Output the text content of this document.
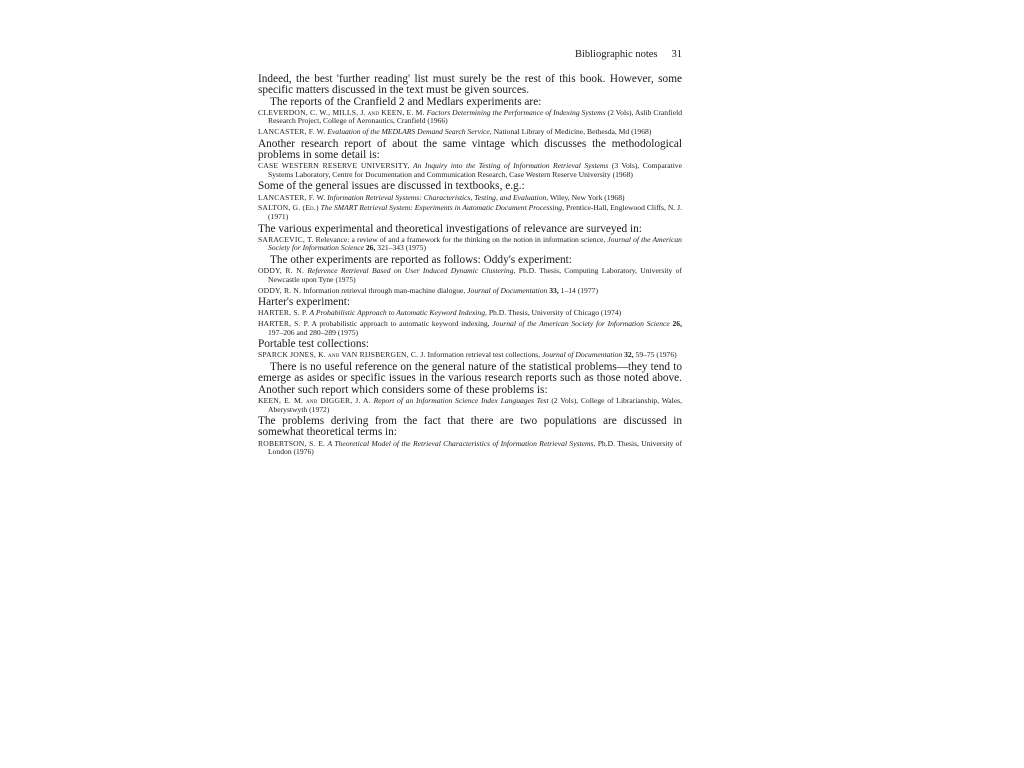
Bibliographic notes 31

Indeed, the best 'further reading' list must surely be the rest of this book. However, some specific matters discussed in the text must be given sources.

The reports of the Cranfield 2 and Medlars experiments are:

CLEVERDON, C. W., MILLS, J. and KEEN, E. M. Factors Determining the Performance of Indexing Systems (2 Vols), Aslib Cranfield Research Project, College of Aeronautics, Cranfield (1966)
LANCASTER, F. W. Evaluation of the MEDLARS Demand Search Service, National Library of Medicine, Bethesda, Md (1968)

Another research report of about the same vintage which discusses the methodological problems in some detail is:

CASE WESTERN RESERVE UNIVERSITY, An Inquiry into the Testing of Information Retrieval Systems (3 Vols), Comparative Systems Laboratory, Centre for Documentation and Communication Research, Case Western Reserve University (1968)

Some of the general issues are discussed in textbooks, e.g.:

LANCASTER, F. W. Information Retrieval Systems: Characteristics, Testing, and Evaluation, Wiley, New York (1968)
SALTON, G. (Ed.) The SMART Retrieval System: Experiments in Automatic Document Processing, Prentice-Hall, Englewood Cliffs, N. J. (1971)

The various experimental and theoretical investigations of relevance are surveyed in:

SARACEVIC, T. Relevance: a review of and a framework for the thinking on the notion in information science, Journal of the American Society for Information Science 26, 321–343 (1975)

The other experiments are reported as follows: Oddy's experiment:

ODDY, R. N. Reference Retrieval Based on User Induced Dynamic Clustering, Ph.D. Thesis, Computing Laboratory, University of Newcastle upon Tyne (1975)
ODDY, R. N. Information retrieval through man-machine dialogue, Journal of Documentation 33, 1–14 (1977)

Harter's experiment:

HARTER, S. P. A Probabilistic Approach to Automatic Keyword Indexing, Ph.D. Thesis, University of Chicago (1974)
HARTER, S. P. A probabilistic approach to automatic keyword indexing, Journal of the American Society for Information Science 26, 197–206 and 280–289 (1975)

Portable test collections:

SPARCK JONES, K. and VAN RIJSBERGEN, C. J. Information retrieval test collections, Journal of Documentation 32, 59–75 (1976)

There is no useful reference on the general nature of the statistical problems—they tend to emerge as asides or specific issues in the various research reports such as those noted above. Another such report which considers some of these problems is:

KEEN, E. M. and DIGGER, J. A. Report of an Information Science Index Languages Test (2 Vols), College of Librarianship, Wales, Aberystwyth (1972)

The problems deriving from the fact that there are two populations are discussed in somewhat theoretical terms in:

ROBERTSON, S. E. A Theoretical Model of the Retrieval Characteristics of Information Retrieval Systems, Ph.D. Thesis, University of London (1976)
